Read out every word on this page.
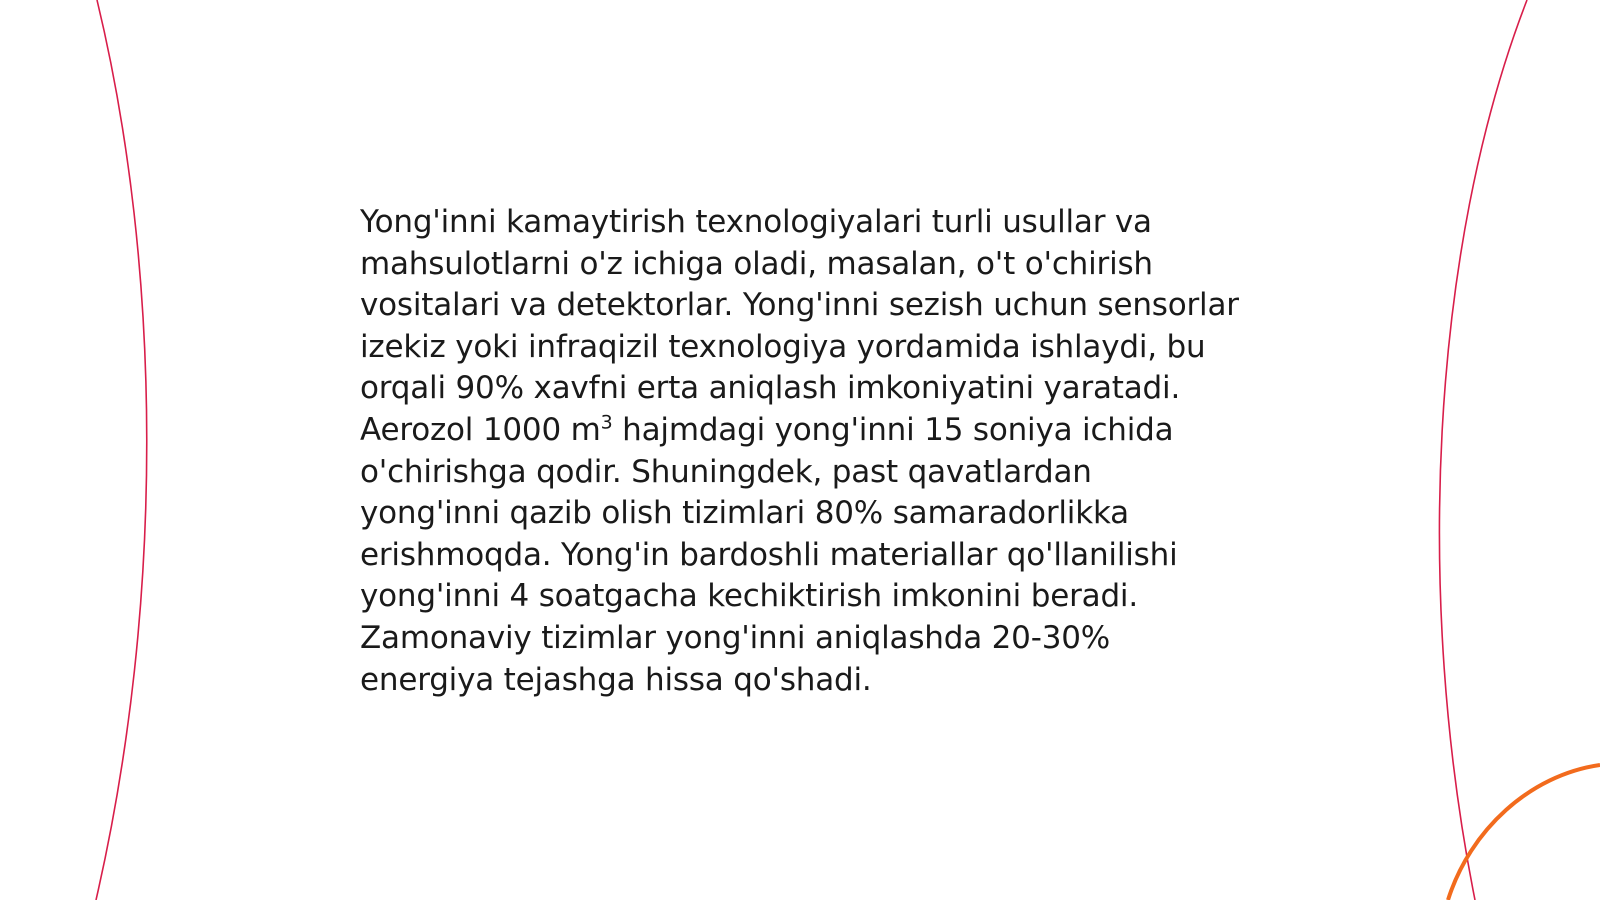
Yong'inni kamaytirish texnologiyalari turli usullar va mahsulotlarni o'z ichiga oladi, masalan, o't o'chirish vositalari va detektorlar. Yong'inni sezish uchun sensorlar izekiz yoki infraqizil texnologiya yordamida ishlaydi, bu orqali 90% xavfni erta aniqlash imkoniyatini yaratadi. Aerozol 1000 $m^3$ hajmdagi yong'inni 15 soniya ichida o'chirishga qodir. Shuningdek, past qavatlardan yong'inni qazib olish tizimlari 80% samaradorlikka erishmoqda. Yong'in bardoshli materiallar qo'llanilishi yong'inni 4 soatgacha kechiktirish imkonini beradi. Zamonaviy tizimlar yong'inni aniqlashda 20-30% energiya tejashga hissa qo'shadi.
